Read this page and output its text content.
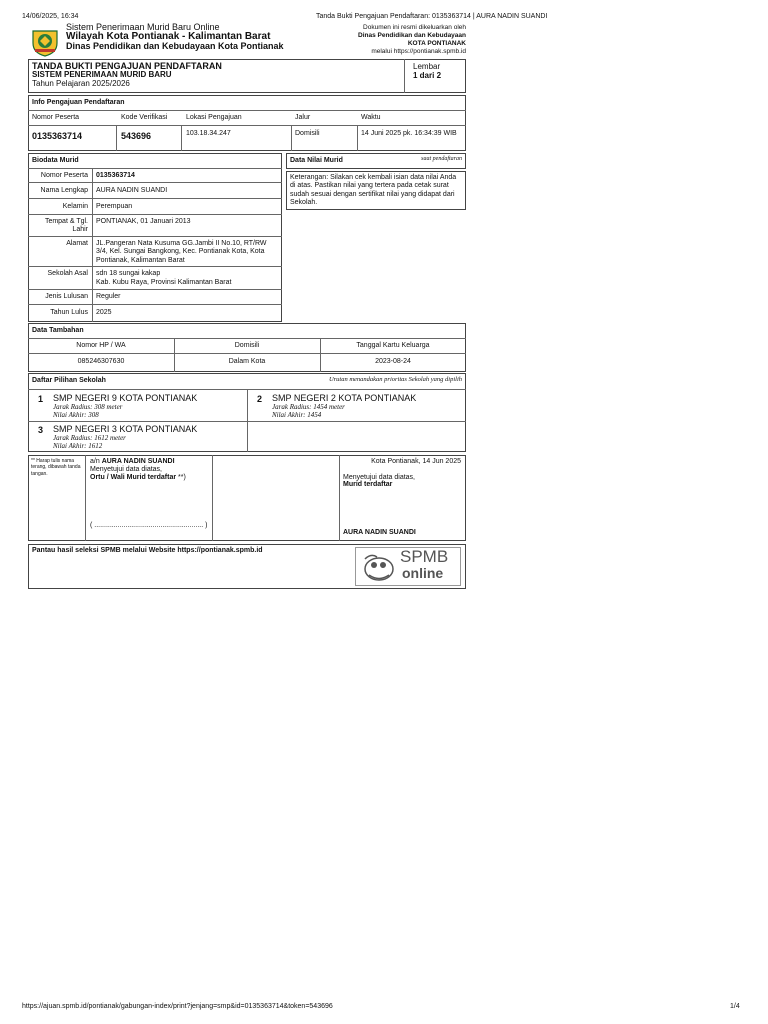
14/06/2025, 16:34	Tanda Bukti Pengajuan Pendaftaran: 0135363714 | AURA NADIN SUANDI
Sistem Penerimaan Murid Baru Online
Wilayah Kota Pontianak - Kalimantan Barat
Dinas Pendidikan dan Kebudayaan Kota Pontianak
Dokumen ini resmi dikeluarkan oleh
Dinas Pendidikan dan Kebudayaan
KOTA PONTIANAK
melalui https://pontianak.spmb.id
TANDA BUKTI PENGAJUAN PENDAFTARAN
SISTEM PENERIMAAN MURID BARU
Tahun Pelajaran 2025/2026
Lembar
1 dari 2
Info Pengajuan Pendaftaran
Nomor Peserta	Kode Verifikasi	Lokasi Pengajuan	Jalur	Waktu
0135363714	543696	103.18.34.247	Domisili	14 Juni 2025 pk. 16:34:39 WIB
Biodata Murid
Nomor Peserta 0135363714
Nama Lengkap AURA NADIN SUANDI
Kelamin Perempuan
Tempat & Tgl. Lahir
PONTIANAK, 01 Januari 2013
Alamat JL.Pangeran Nata Kusuma GG.Jambi II No.10, RT/RW 3/4, Kel. Sungai Bangkong, Kec. Pontianak Kota, Kota Pontianak, Kalimantan Barat
Sekolah Asal sdn 18 sungai kakap
Kab. Kubu Raya, Provinsi Kalimantan Barat
Jenis Lulusan Reguler
Tahun Lulus 2025
Data Nilai Murid	saat pendaftaran
Keterangan: Silakan cek kembali isian data nilai Anda di atas. Pastikan nilai yang tertera pada cetak surat sudah sesuai dengan sertifikat nilai yang didapat dari Sekolah.
Data Tambahan
Nomor HP / WA	Domisili	Tanggal Kartu Keluarga
085246307630	Dalam Kota	2023-08-24
Daftar Pilihan Sekolah	Urutan menandakan prioritas Sekolah yang dipilih
1 SMP NEGERI 9 KOTA PONTIANAK
Jarak Radius: 308 meter
Nilai Akhir: 308
2 SMP NEGERI 2 KOTA PONTIANAK
Jarak Radius: 1454 meter
Nilai Akhir: 1454
3 SMP NEGERI 3 KOTA PONTIANAK
Jarak Radius: 1612 meter
Nilai Akhir: 1612
** Harap tulis nama terang, dibawah tanda tangan.
a/n AURA NADIN SUANDI
Menyetujui data diatas,
Ortu / Wali Murid terdaftar **)
( ........................................................ )
Kota Pontianak, 14 Jun 2025
Menyetujui data diatas,
Murid terdaftar
AURA NADIN SUANDI
Pantau hasil seleksi SPMB melalui Website https://pontianak.spmb.id	SPMB
online
https://ajuan.spmb.id/pontianak/gabungan-index/print?jenjang=smp&id=0135363714&token=543696	1/4
